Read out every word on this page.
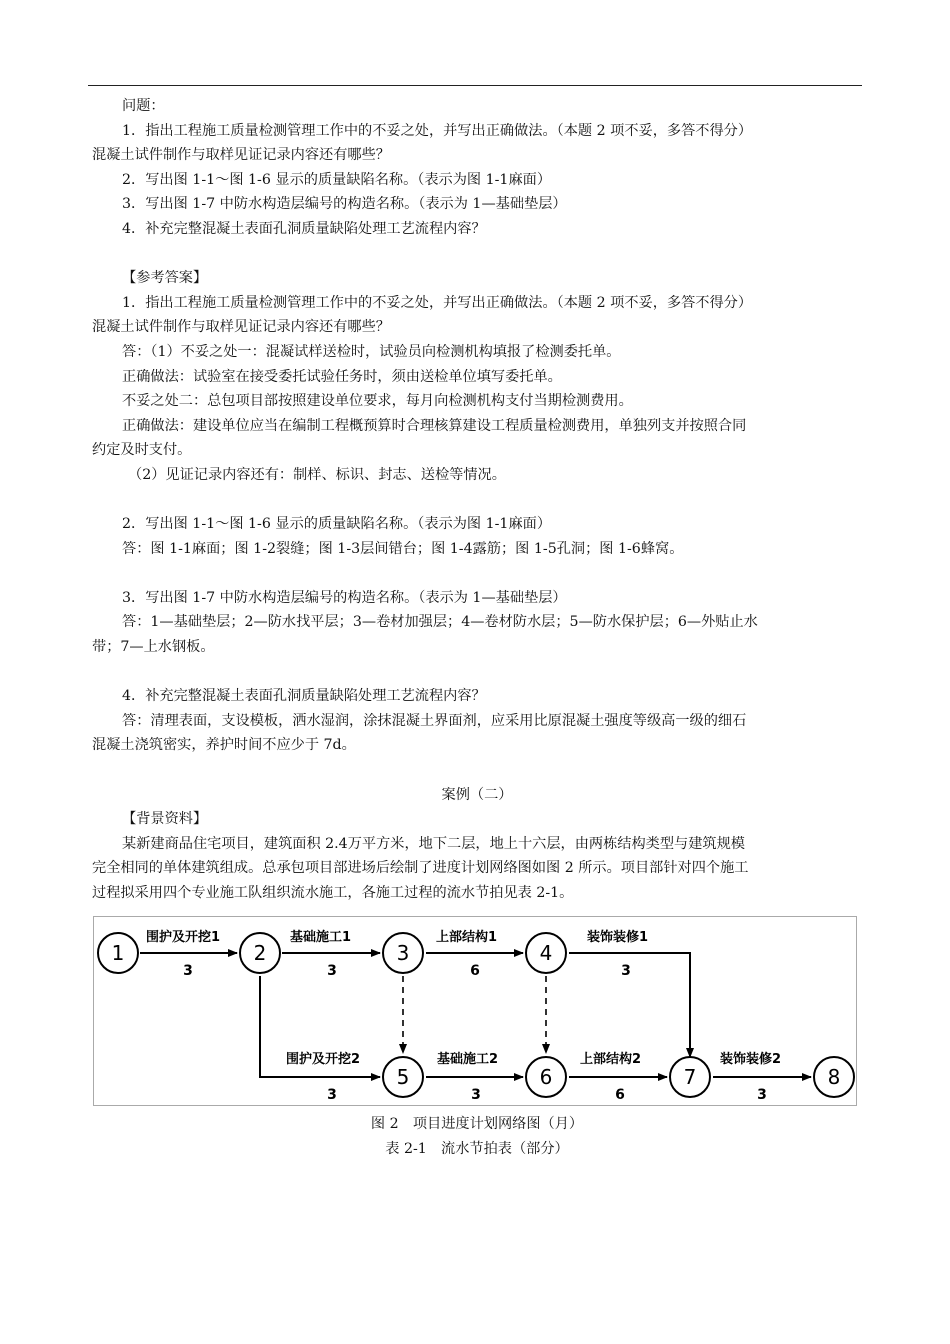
问题：
1．指出工程施工质量检测管理工作中的不妥之处，并写出正确做法。（本题 2 项不妥，多答不得分）
混凝土试件制作与取样见证记录内容还有哪些？
2．写出图 1-1～图 1-6 显示的质量缺陷名称。（表示为图 1-1麻面）
3．写出图 1-7 中防水构造层编号的构造名称。（表示为 1—基础垫层）
4．补充完整混凝土表面孔洞质量缺陷处理工艺流程内容？
【参考答案】
1．指出工程施工质量检测管理工作中的不妥之处，并写出正确做法。（本题 2 项不妥，多答不得分）
混凝土试件制作与取样见证记录内容还有哪些？
答：（1）不妥之处一：混凝试样送检时，试验员向检测机构填报了检测委托单。
正确做法：试验室在接受委托试验任务时，须由送检单位填写委托单。
不妥之处二：总包项目部按照建设单位要求，每月向检测机构支付当期检测费用。
正确做法：建设单位应当在编制工程概预算时合理核算建设工程质量检测费用，单独列支并按照合同
约定及时支付。
（2）见证记录内容还有：制样、标识、封志、送检等情况。
2．写出图 1-1～图 1-6 显示的质量缺陷名称。（表示为图 1-1麻面）
答：图 1-1麻面；图 1-2裂缝；图 1-3层间错台；图 1-4露筋；图 1-5孔洞；图 1-6蜂窝。
3．写出图 1-7 中防水构造层编号的构造名称。（表示为 1—基础垫层）
答：1—基础垫层；2—防水找平层；3—卷材加强层；4—卷材防水层；5—防水保护层；6—外贴止水
带；7—上水钢板。
4．补充完整混凝土表面孔洞质量缺陷处理工艺流程内容？
答：清理表面，支设模板，洒水湿润，涂抹混凝土界面剂，应采用比原混凝土强度等级高一级的细石
混凝土浇筑密实，养护时间不应少于 7d。
案例（二）
【背景资料】
某新建商品住宅项目，建筑面积 2.4万平方米，地下二层，地上十六层，由两栋结构类型与建筑规模
完全相同的单体建筑组成。总承包项目部进场后绘制了进度计划网络图如图 2 所示。项目部针对四个施工
过程拟采用四个专业施工队组织流水施工，各施工过程的流水节拍见表 2-1。
1	2	3	4
5	6	7	8
围护及开挖1
3
基础施工1
3
上部结构1
6
装饰装修1
3
围护及开挖2
3
基础施工2
3
上部结构2
6
装饰装修2
3
图 2　项目进度计划网络图（月）
表 2-1　流水节拍表（部分）
